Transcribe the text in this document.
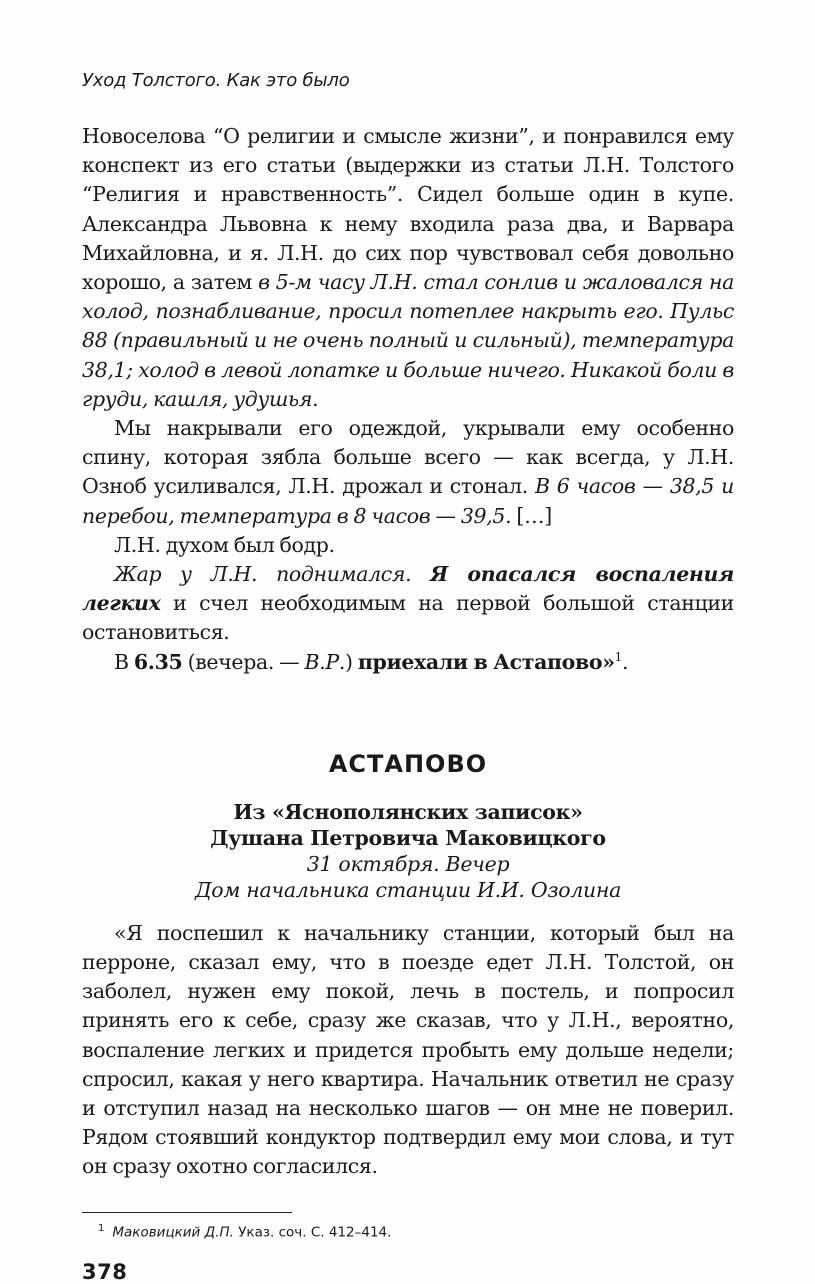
Уход Толстого. Как это было

Новоселова “О религии и смысле жизни”, и понравился ему конспект из его статьи (выдержки из статьи Л.Н. Толстого “Религия и нравственность”. Сидел больше один в купе. Александра Львовна к нему входила раза два, и Варвара Михайловна, и я. Л.Н. до сих пор чувствовал себя довольно хорошо, а затем в 5-м часу Л.Н. стал сонлив и жаловался на холод, познабливание, просил потеплее накрыть его. Пульс 88 (правильный и не очень полный и сильный), температура 38,1; холод в левой лопатке и больше ничего. Никакой боли в груди, кашля, удушья.

Мы накрывали его одеждой, укрывали ему особенно спину, которая зябла больше всего — как всегда, у Л.Н. Озноб усиливался, Л.Н. дрожал и стонал. В 6 часов — 38,5 и перебои, температура в 8 часов — 39,5. […]

Л.Н. духом был бодр.

Жар у Л.Н. поднимался. Я опасался воспаления легких и счел необходимым на первой большой станции остановиться.

В 6.35 (вечера. — В.Р.) приехали в Астапово»$^1$.

АСТАПОВО

Из «Яснополянских записок»

Душана Петровича Маковицкого

31 октября. Вечер

Дом начальника станции И.И. Озолина

«Я поспешил к начальнику станции, который был на перроне, сказал ему, что в поезде едет Л.Н. Толстой, он заболел, нужен ему покой, лечь в постель, и попросил принять его к себе, сразу же сказав, что у Л.Н., вероятно, воспаление легких и придется пробыть ему дольше недели; спросил, какая у него квартира. Начальник ответил не сразу и отступил назад на несколько шагов — он мне не поверил. Рядом стоявший кондуктор подтвердил ему мои слова, и тут он сразу охотно согласился.

$^1$ Маковицкий Д.П. Указ. соч. С. 412–414.

378
